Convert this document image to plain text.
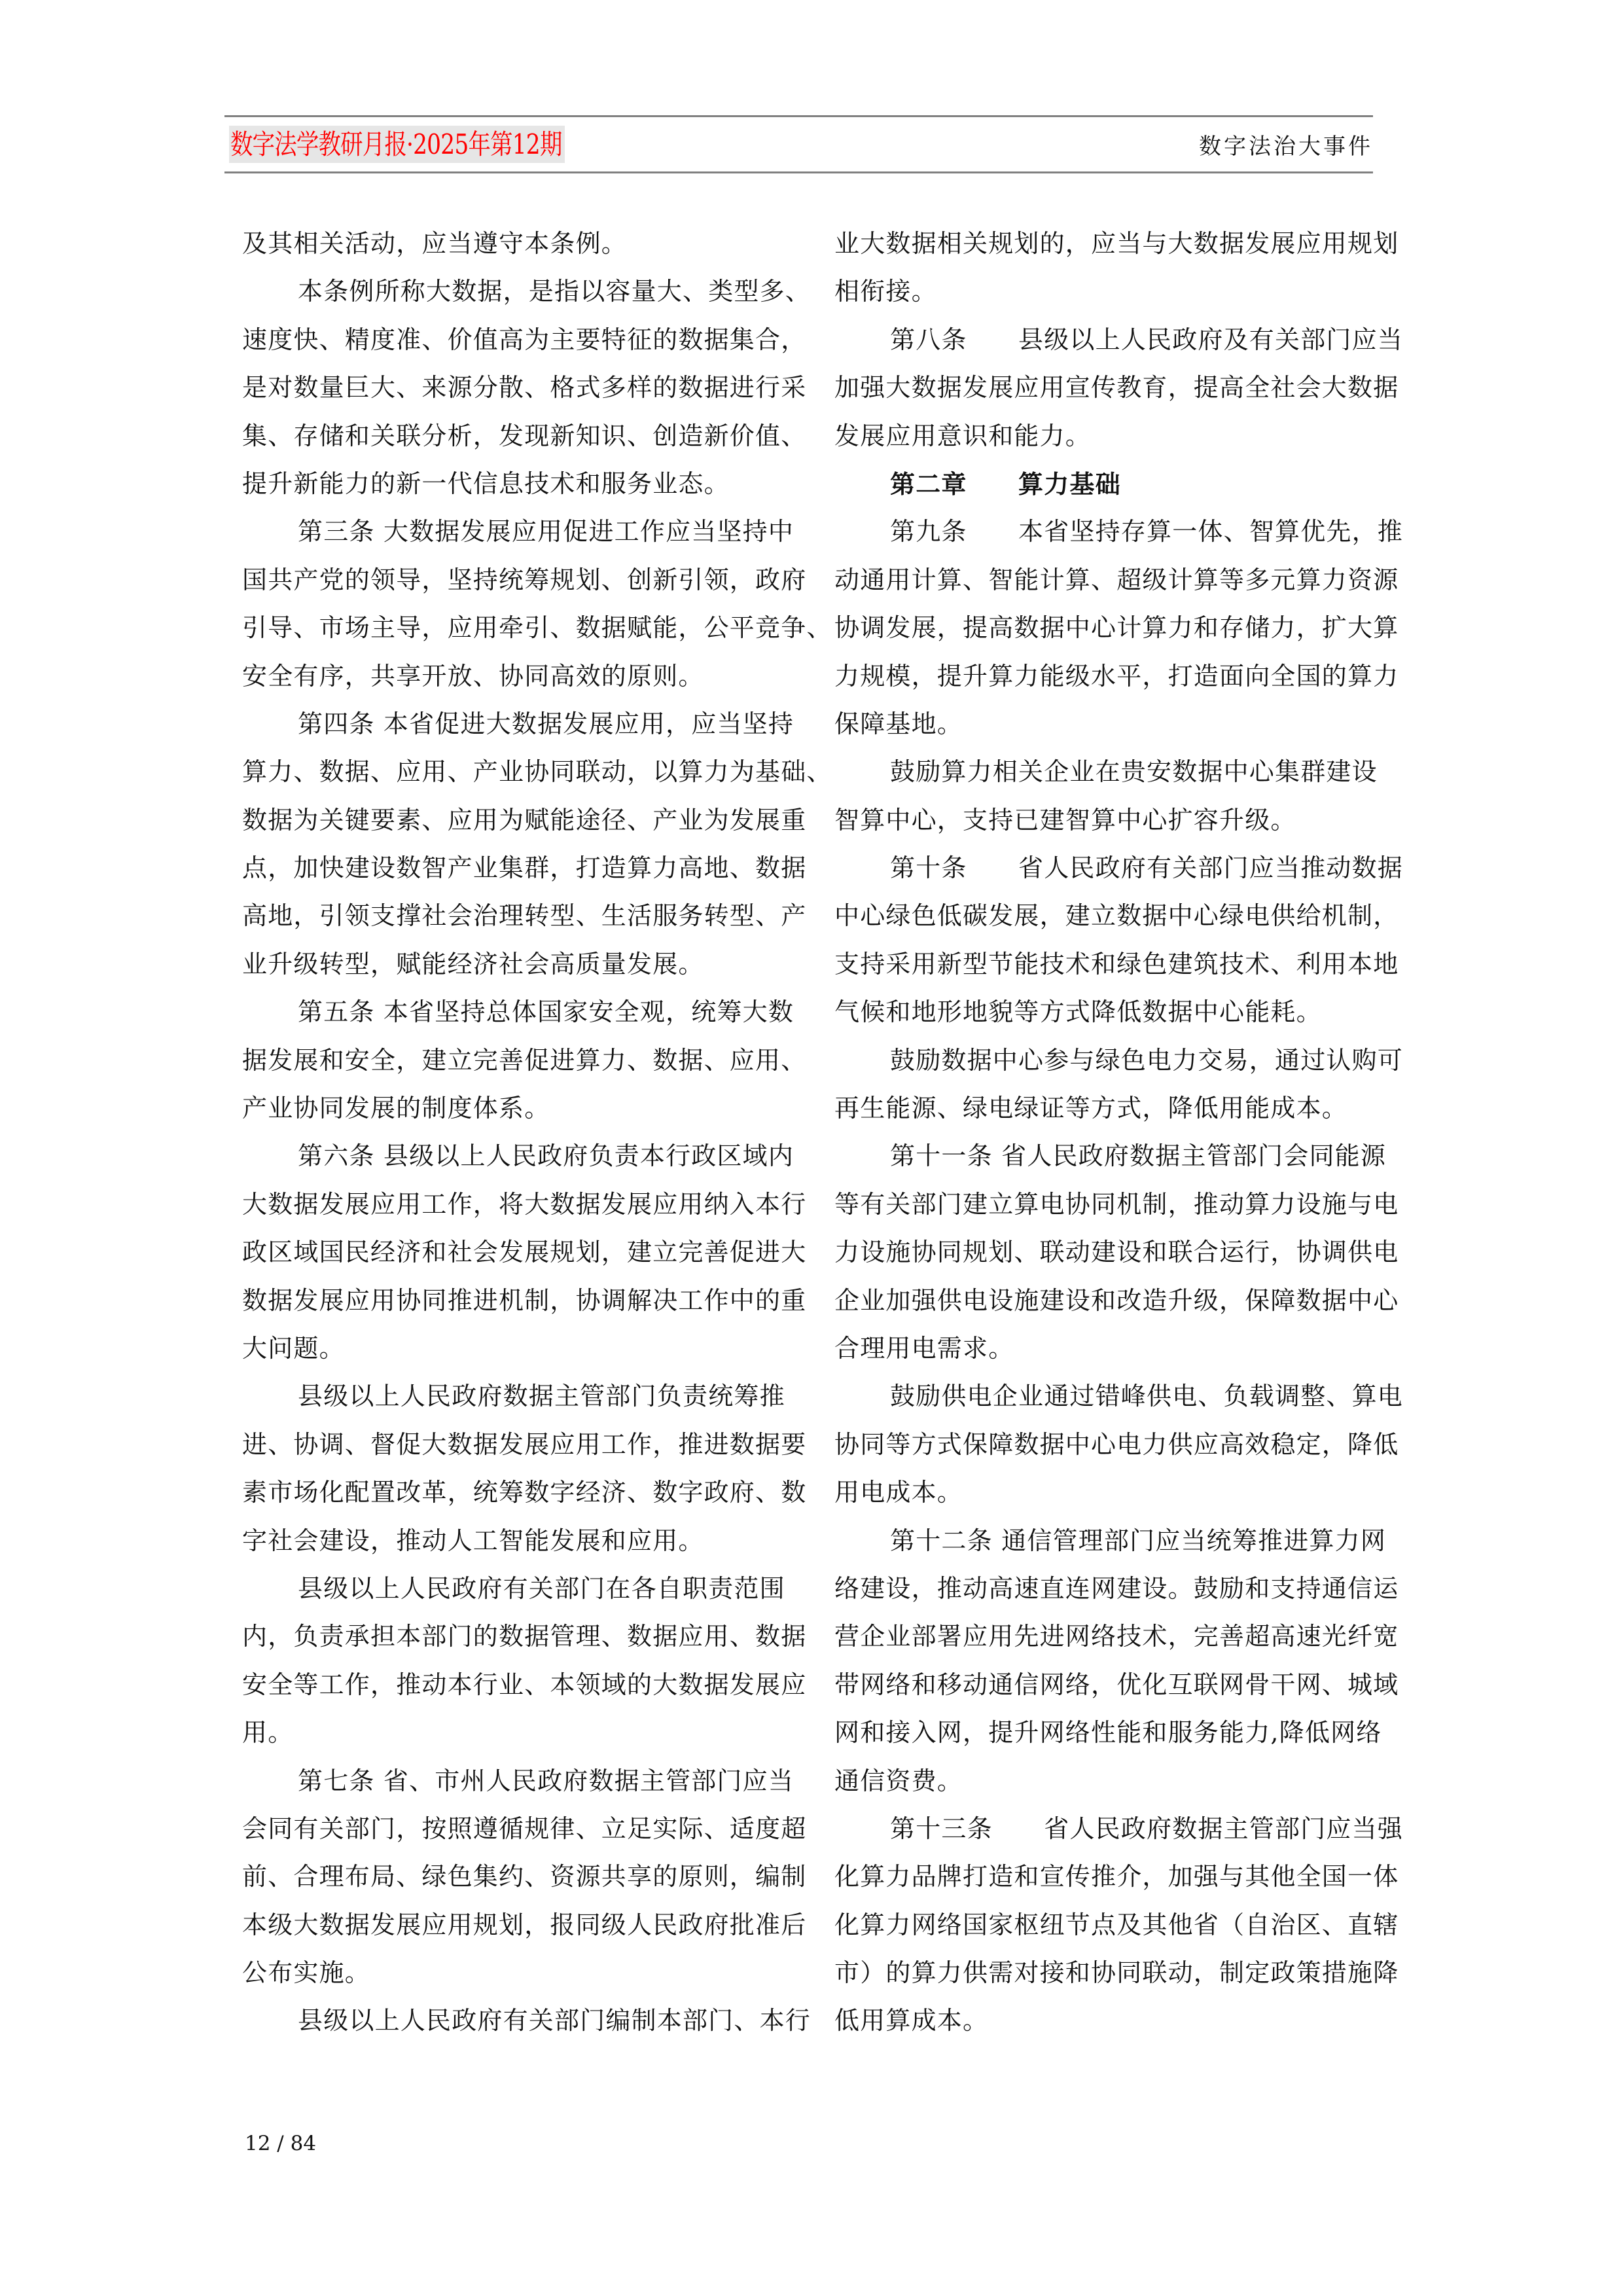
数字法学教研月报·2025年第12期	数字法治大事件
及其相关活动，应当遵守本条例。
本条例所称大数据，是指以容量大、类型多、
速度快、精度准、价值高为主要特征的数据集合，
是对数量巨大、来源分散、格式多样的数据进行采
集、存储和关联分析，发现新知识、创造新价值、
提升新能力的新一代信息技术和服务业态。
第三条 大数据发展应用促进工作应当坚持中
国共产党的领导，坚持统筹规划、创新引领，政府
引导、市场主导，应用牵引、数据赋能，公平竞争、
安全有序，共享开放、协同高效的原则。
第四条 本省促进大数据发展应用，应当坚持
算力、数据、应用、产业协同联动，以算力为基础、
数据为关键要素、应用为赋能途径、产业为发展重
点，加快建设数智产业集群，打造算力高地、数据
高地，引领支撑社会治理转型、生活服务转型、产
业升级转型，赋能经济社会高质量发展。
第五条 本省坚持总体国家安全观，统筹大数
据发展和安全，建立完善促进算力、数据、应用、
产业协同发展的制度体系。
第六条 县级以上人民政府负责本行政区域内
大数据发展应用工作，将大数据发展应用纳入本行
政区域国民经济和社会发展规划，建立完善促进大
数据发展应用协同推进机制，协调解决工作中的重
大问题。
县级以上人民政府数据主管部门负责统筹推
进、协调、督促大数据发展应用工作，推进数据要
素市场化配置改革，统筹数字经济、数字政府、数
字社会建设，推动人工智能发展和应用。
县级以上人民政府有关部门在各自职责范围
内，负责承担本部门的数据管理、数据应用、数据
安全等工作，推动本行业、本领域的大数据发展应
用。
第七条 省、市州人民政府数据主管部门应当
会同有关部门，按照遵循规律、立足实际、适度超
前、合理布局、绿色集约、资源共享的原则，编制
本级大数据发展应用规划，报同级人民政府批准后
公布实施。
县级以上人民政府有关部门编制本部门、本行
业大数据相关规划的，应当与大数据发展应用规划
相衔接。
第八条　　县级以上人民政府及有关部门应当
加强大数据发展应用宣传教育，提高全社会大数据
发展应用意识和能力。
第二章　　算力基础
第九条　　本省坚持存算一体、智算优先，推
动通用计算、智能计算、超级计算等多元算力资源
协调发展，提高数据中心计算力和存储力，扩大算
力规模，提升算力能级水平，打造面向全国的算力
保障基地。
鼓励算力相关企业在贵安数据中心集群建设
智算中心，支持已建智算中心扩容升级。
第十条　　省人民政府有关部门应当推动数据
中心绿色低碳发展，建立数据中心绿电供给机制，
支持采用新型节能技术和绿色建筑技术、利用本地
气候和地形地貌等方式降低数据中心能耗。
鼓励数据中心参与绿色电力交易，通过认购可
再生能源、绿电绿证等方式，降低用能成本。
第十一条 省人民政府数据主管部门会同能源
等有关部门建立算电协同机制，推动算力设施与电
力设施协同规划、联动建设和联合运行，协调供电
企业加强供电设施建设和改造升级，保障数据中心
合理用电需求。
鼓励供电企业通过错峰供电、负载调整、算电
协同等方式保障数据中心电力供应高效稳定，降低
用电成本。
第十二条 通信管理部门应当统筹推进算力网
络建设，推动高速直连网建设。鼓励和支持通信运
营企业部署应用先进网络技术，完善超高速光纤宽
带网络和移动通信网络，优化互联网骨干网、城域
网和接入网，提升网络性能和服务能力,降低网络
通信资费。
第十三条　　省人民政府数据主管部门应当强
化算力品牌打造和宣传推介，加强与其他全国一体
化算力网络国家枢纽节点及其他省（自治区、直辖
市）的算力供需对接和协同联动，制定政策措施降
低用算成本。
12 / 84
